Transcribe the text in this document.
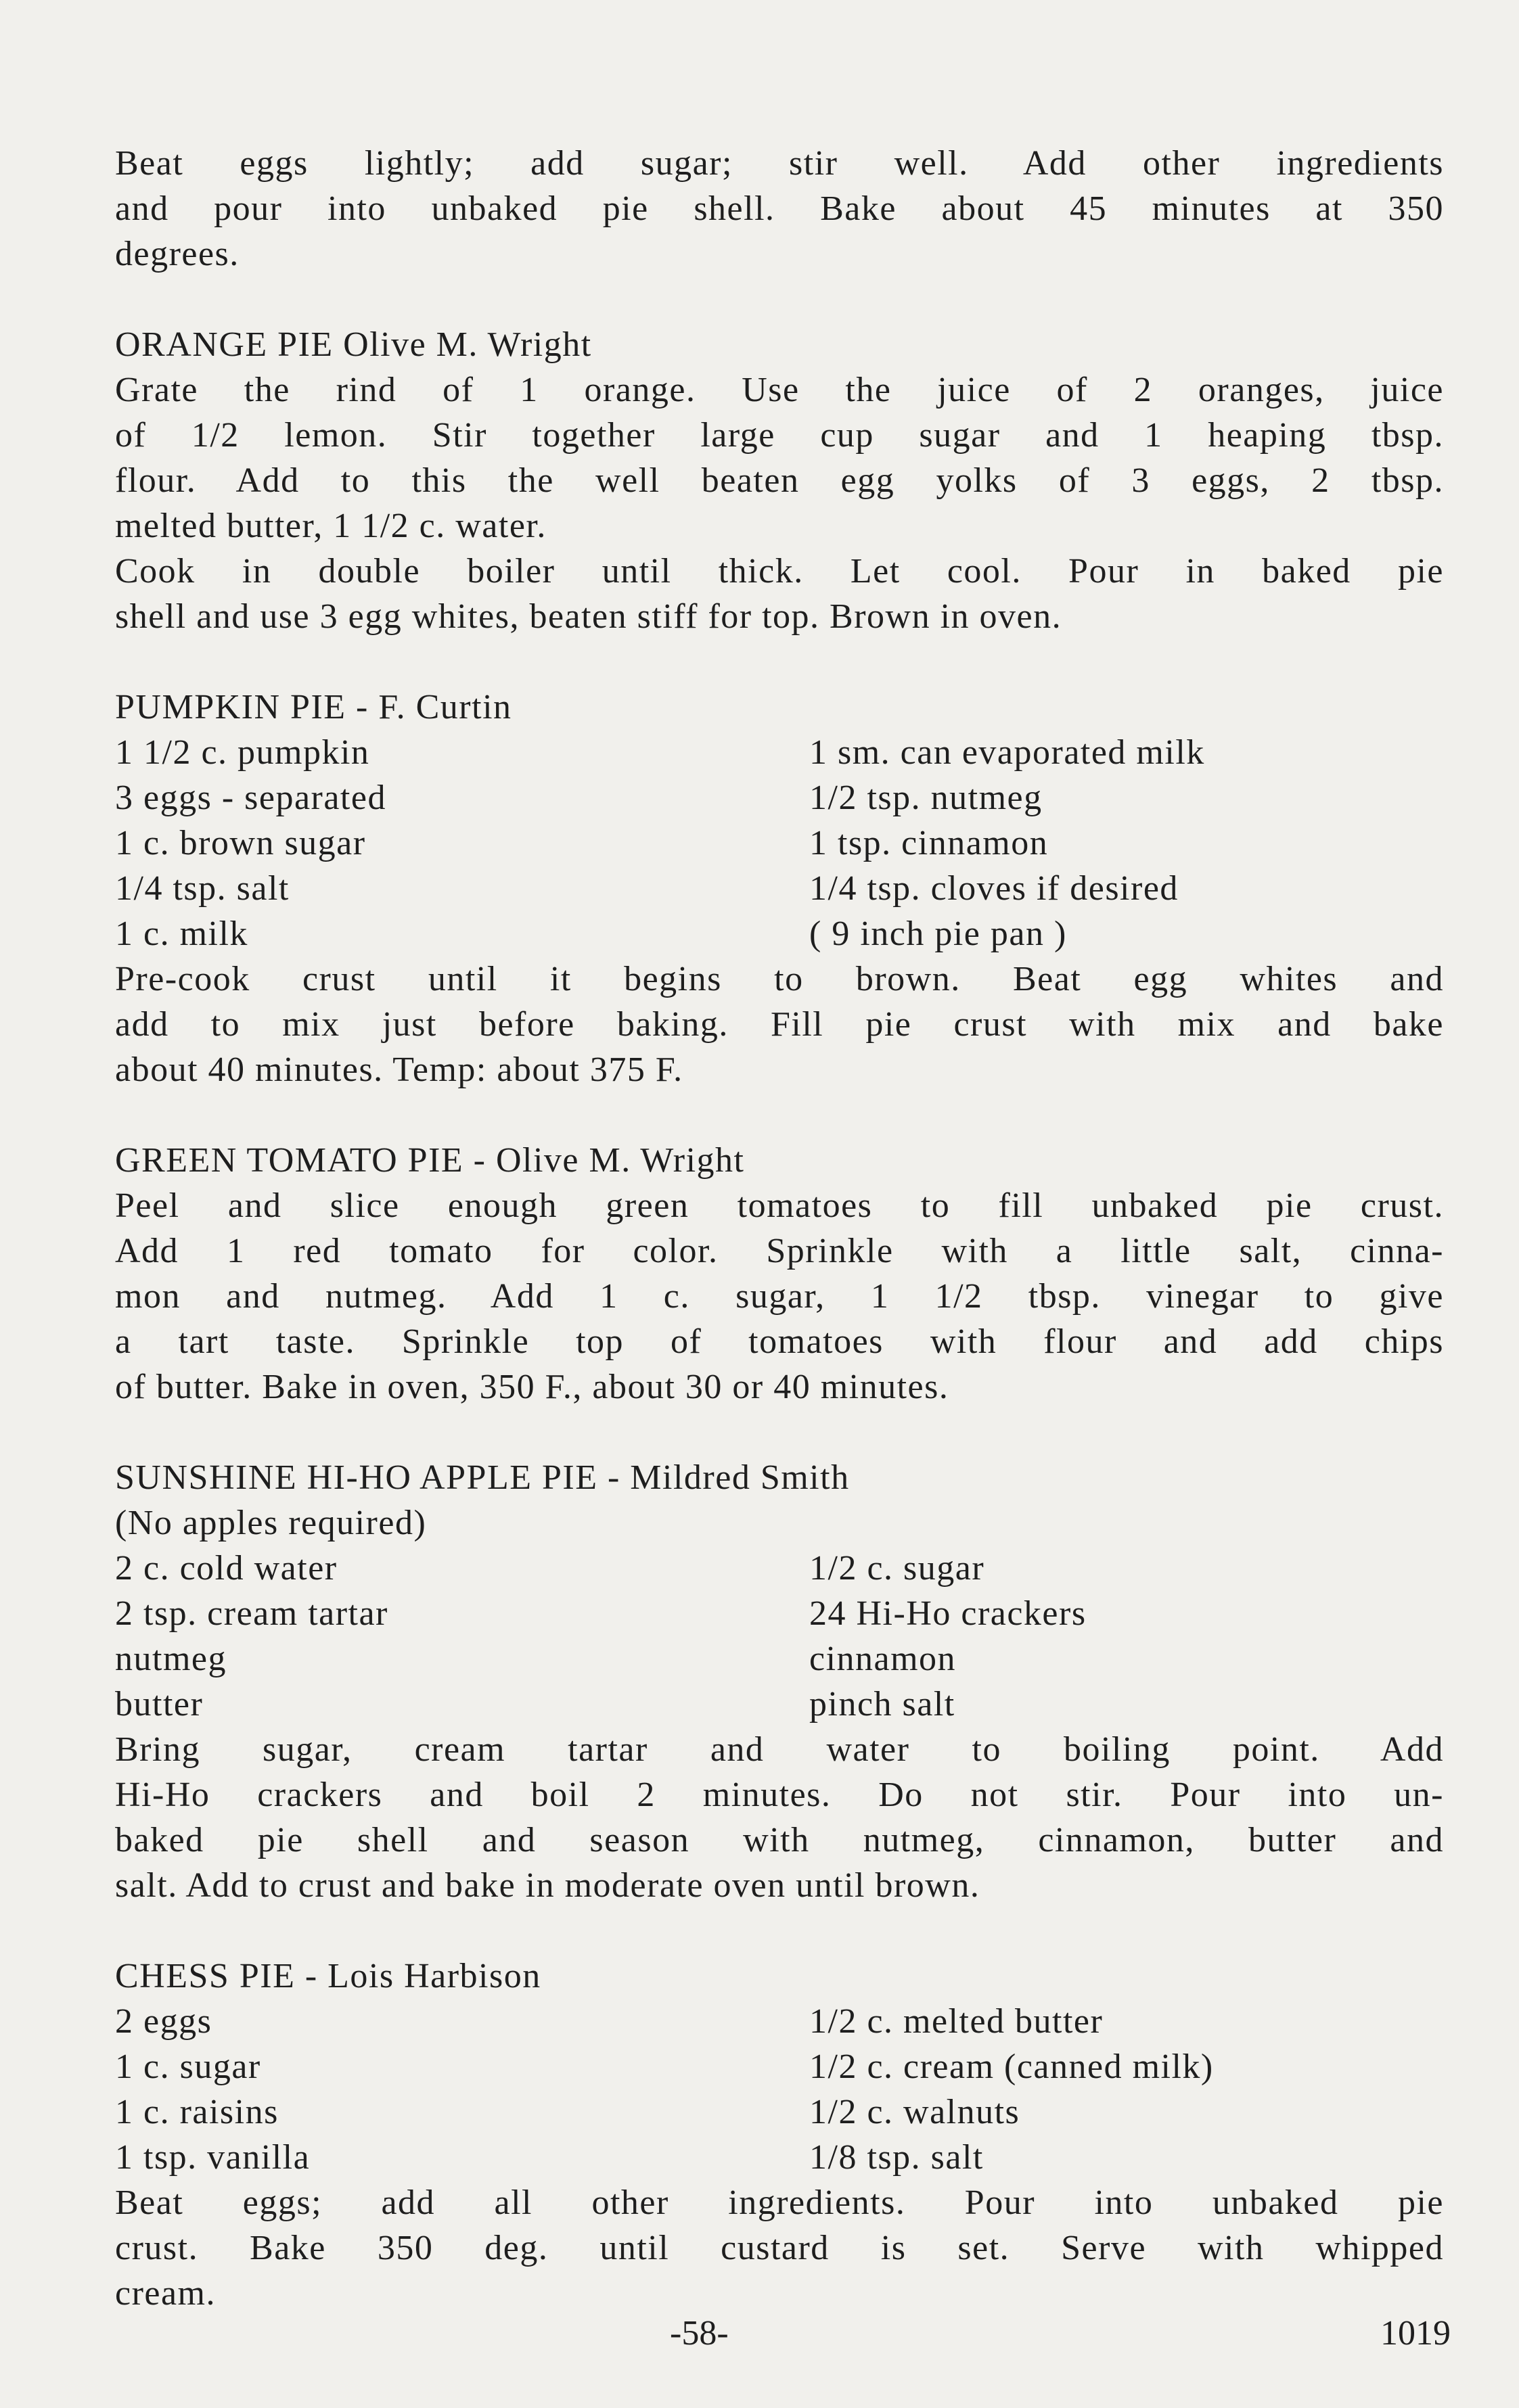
Beat eggs lightly; add sugar; stir well. Add other ingredients
and pour into unbaked pie shell. Bake about 45 minutes at 350
degrees.
ORANGE PIE Olive M. Wright
Grate the rind of 1 orange. Use the juice of 2 oranges, juice
of 1/2 lemon. Stir together large cup sugar and 1 heaping tbsp.
flour. Add to this the well beaten egg yolks of 3 eggs, 2 tbsp.
melted butter, 1 1/2 c. water.
Cook in double boiler until thick. Let cool. Pour in baked pie
shell and use 3 egg whites, beaten stiff for top. Brown in oven.
PUMPKIN PIE - F. Curtin
1 1/2 c. pumpkin	1 sm. can evaporated milk
3 eggs - separated	1/2 tsp. nutmeg
1 c. brown sugar	1 tsp. cinnamon
1/4 tsp. salt	1/4 tsp. cloves if desired
1 c. milk	( 9 inch pie pan )
Pre-cook crust until it begins to brown. Beat egg whites and
add to mix just before baking. Fill pie crust with mix and bake
about 40 minutes. Temp: about 375 F.
GREEN TOMATO PIE - Olive M. Wright
Peel and slice enough green tomatoes to fill unbaked pie crust.
Add 1 red tomato for color. Sprinkle with a little salt, cinna-
mon and nutmeg. Add 1 c. sugar, 1 1/2 tbsp. vinegar to give
a tart taste. Sprinkle top of tomatoes with flour and add chips
of butter. Bake in oven, 350 F., about 30 or 40 minutes.
SUNSHINE HI-HO APPLE PIE - Mildred Smith
(No apples required)
2 c. cold water	1/2 c. sugar
2 tsp. cream tartar	24 Hi-Ho crackers
nutmeg	cinnamon
butter	pinch salt
Bring sugar, cream tartar and water to boiling point. Add
Hi-Ho crackers and boil 2 minutes. Do not stir. Pour into un-
baked pie shell and season with nutmeg, cinnamon, butter and
salt. Add to crust and bake in moderate oven until brown.
CHESS PIE - Lois Harbison
2 eggs	1/2 c. melted butter
1 c. sugar	1/2 c. cream (canned milk)
1 c. raisins	1/2 c. walnuts
1 tsp. vanilla	1/8 tsp. salt
Beat eggs; add all other ingredients. Pour into unbaked pie
crust. Bake 350 deg. until custard is set. Serve with whipped
cream.
-58-	1019
